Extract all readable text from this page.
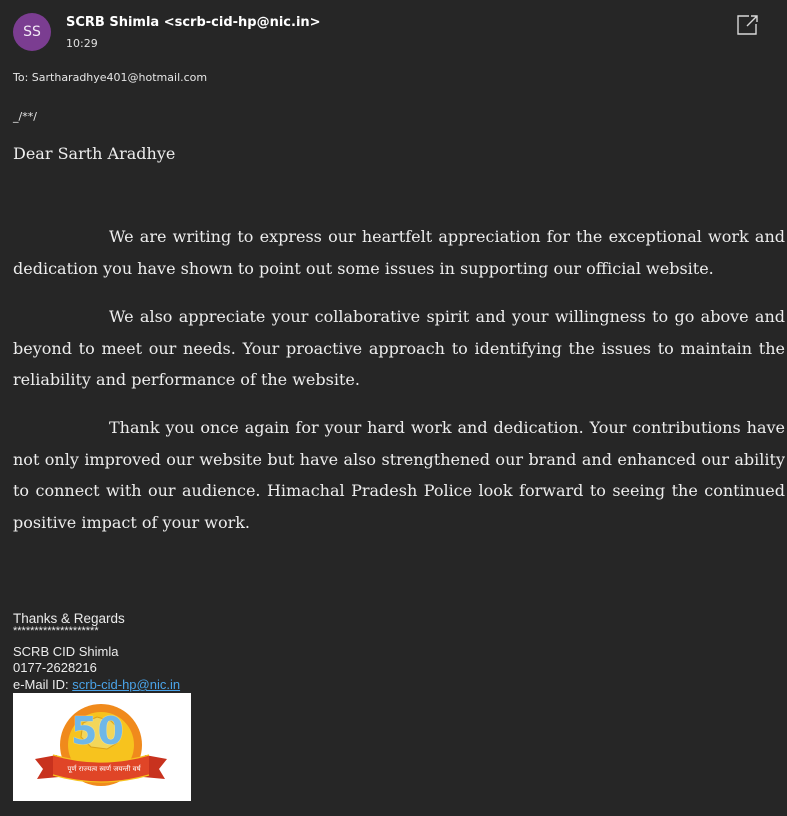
SS
SCRB Shimla <scrb-cid-hp@nic.in>
10:29
To: Sartharadhye401@hotmail.com
_/**/
Dear Sarth Aradhye

We are writing to express our heartfelt appreciation for the exceptional work and dedication you have shown to point out some issues in supporting our official website.

We also appreciate your collaborative spirit and your willingness to go above and beyond to meet our needs. Your proactive approach to identifying the issues to maintain the reliability and performance of the website.

Thank you once again for your hard work and dedication. Your contributions have not only improved our website but have also strengthened our brand and enhanced our ability to connect with our audience. Himachal Pradesh Police look forward to seeing the continued positive impact of your work.

Thanks & Regards
********************
SCRB CID Shimla
0177-2628216
e-Mail ID: scrb-cid-hp@nic.in
50
पूर्ण राज्यत्व स्वर्ण जयन्ती वर्ष
